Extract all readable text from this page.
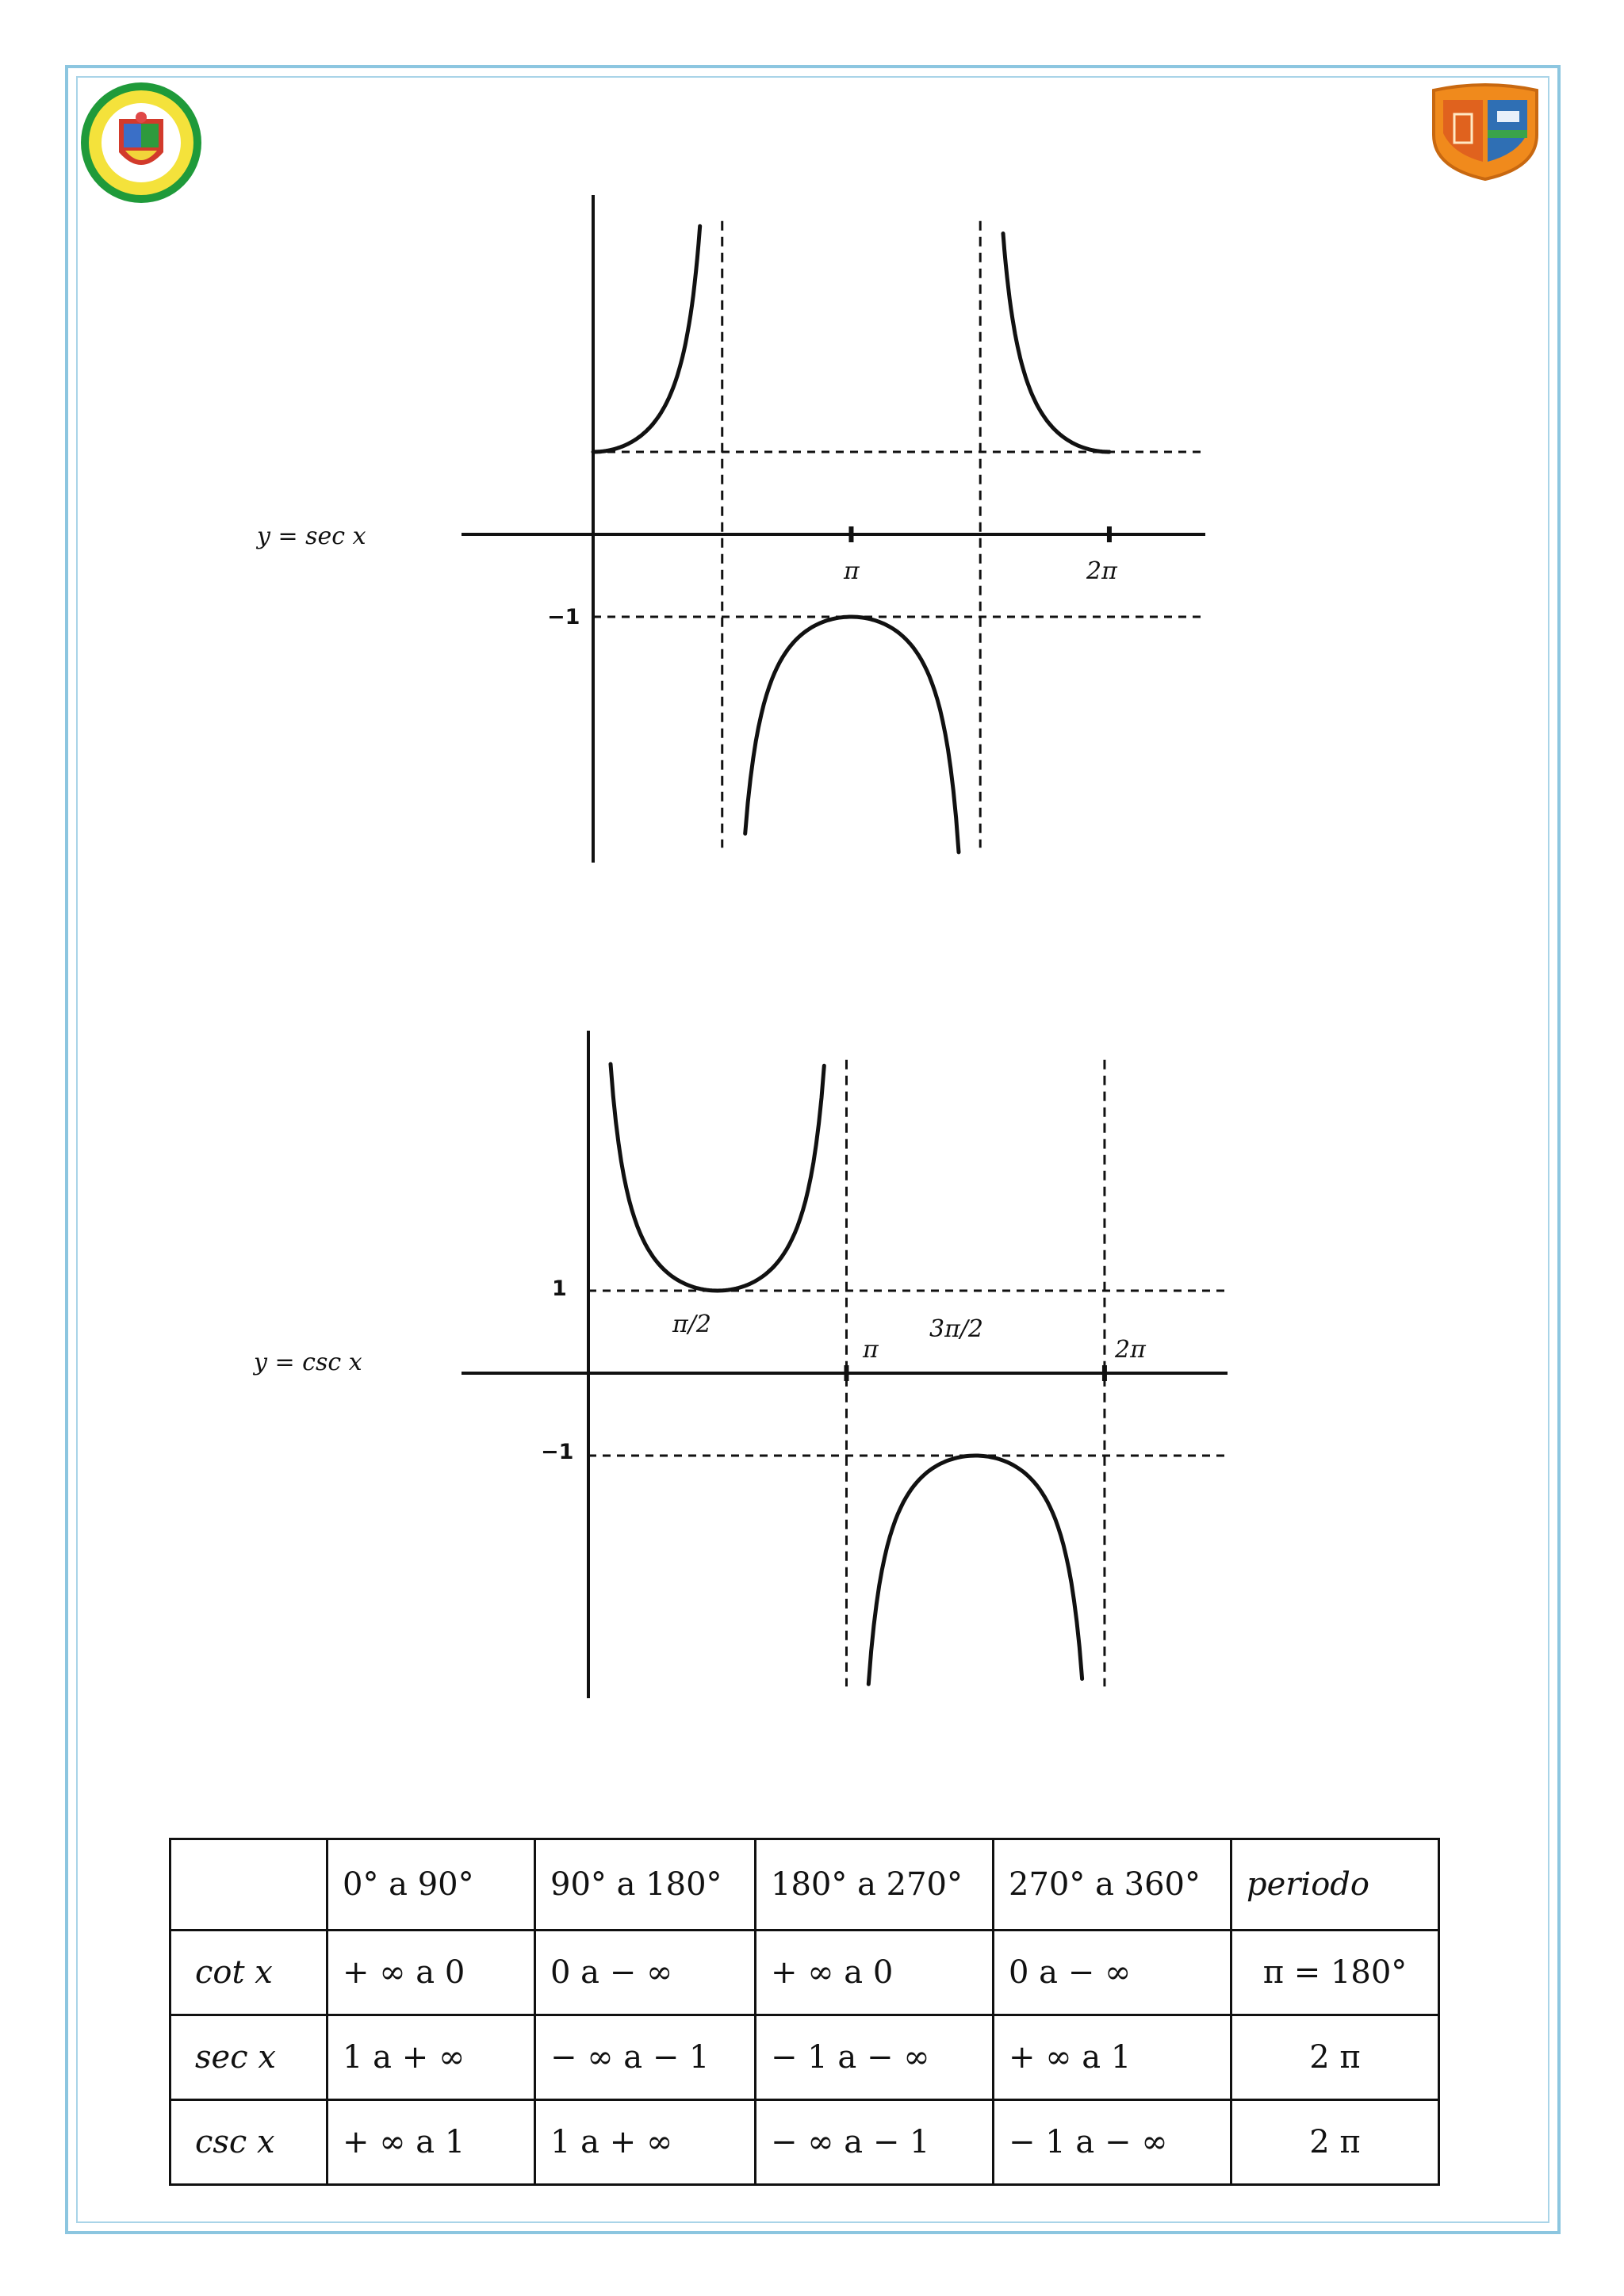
y = sec x
−1
π	2π
y = csc x
1
−1
π/2	3π/2
π	2π
	0° a 90°	90° a 180°	180° a 270°	270° a 360°	periodo
cot x	+ ∞ a 0	0 a − ∞	+ ∞ a 0	0 a − ∞	π = 180°
sec x	1 a + ∞	− ∞ a − 1	− 1 a − ∞	+ ∞ a 1	2 π
csc x	+ ∞ a 1	1 a + ∞	− ∞ a − 1	− 1 a − ∞	2 π
